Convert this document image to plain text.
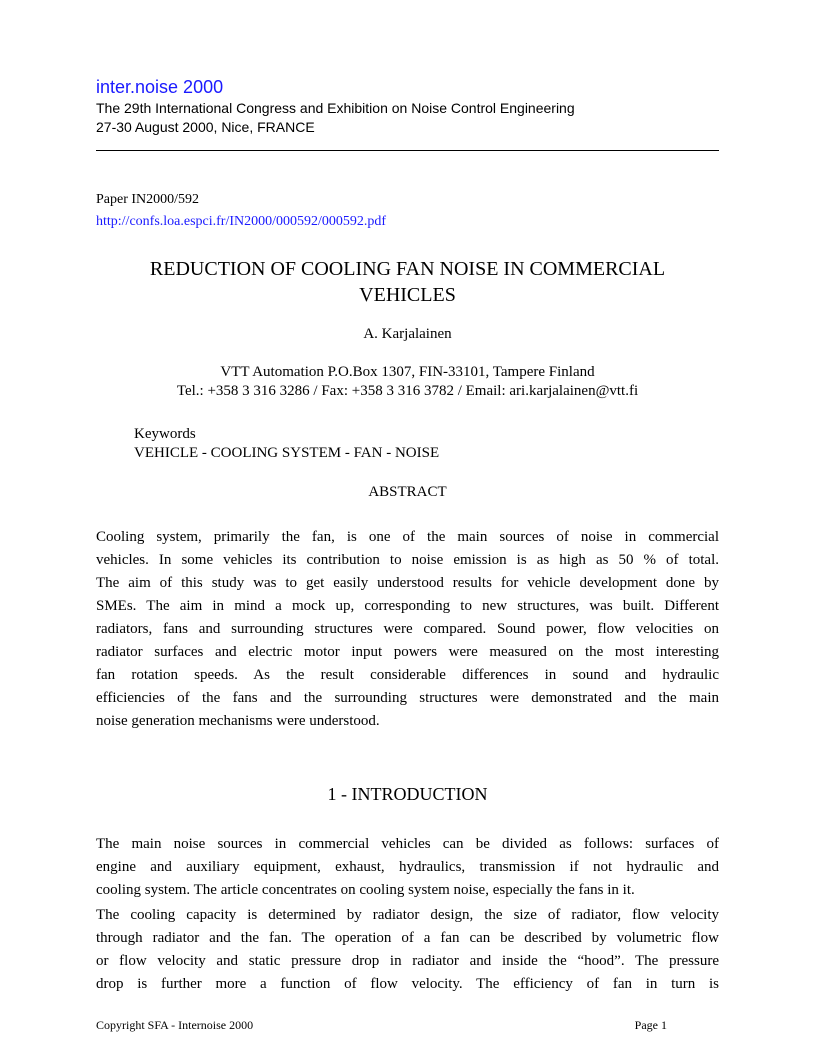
inter.noise 2000
The 29th International Congress and Exhibition on Noise Control Engineering
27-30 August 2000, Nice, FRANCE
Paper IN2000/592
http://confs.loa.espci.fr/IN2000/000592/000592.pdf
REDUCTION OF COOLING FAN NOISE IN COMMERCIAL
VEHICLES
A. Karjalainen
VTT Automation P.O.Box 1307, FIN-33101, Tampere Finland
Tel.: +358 3 316 3286 / Fax: +358 3 316 3782 / Email: ari.karjalainen@vtt.fi
Keywords
VEHICLE - COOLING SYSTEM - FAN - NOISE
ABSTRACT
Cooling system, primarily the fan, is one of the main sources of noise in commercial
vehicles. In some vehicles its contribution to noise emission is as high as 50 % of total.
The aim of this study was to get easily understood results for vehicle development done by
SMEs. The aim in mind a mock up, corresponding to new structures, was built. Different
radiators, fans and surrounding structures were compared. Sound power, flow velocities on
radiator surfaces and electric motor input powers were measured on the most interesting
fan rotation speeds. As the result considerable differences in sound and hydraulic
efficiencies of the fans and the surrounding structures were demonstrated and the main
noise generation mechanisms were understood.
1 - INTRODUCTION
The main noise sources in commercial vehicles can be divided as follows: surfaces of
engine and auxiliary equipment, exhaust, hydraulics, transmission if not hydraulic and
cooling system. The article concentrates on cooling system noise, especially the fans in it.
The cooling capacity is determined by radiator design, the size of radiator, flow velocity
through radiator and the fan. The operation of a fan can be described by volumetric flow
or flow velocity and static pressure drop in radiator and inside the “hood”. The pressure
drop is further more a function of flow velocity. The efficiency of fan in turn is
Copyright SFA - Internoise 2000	Page 1
